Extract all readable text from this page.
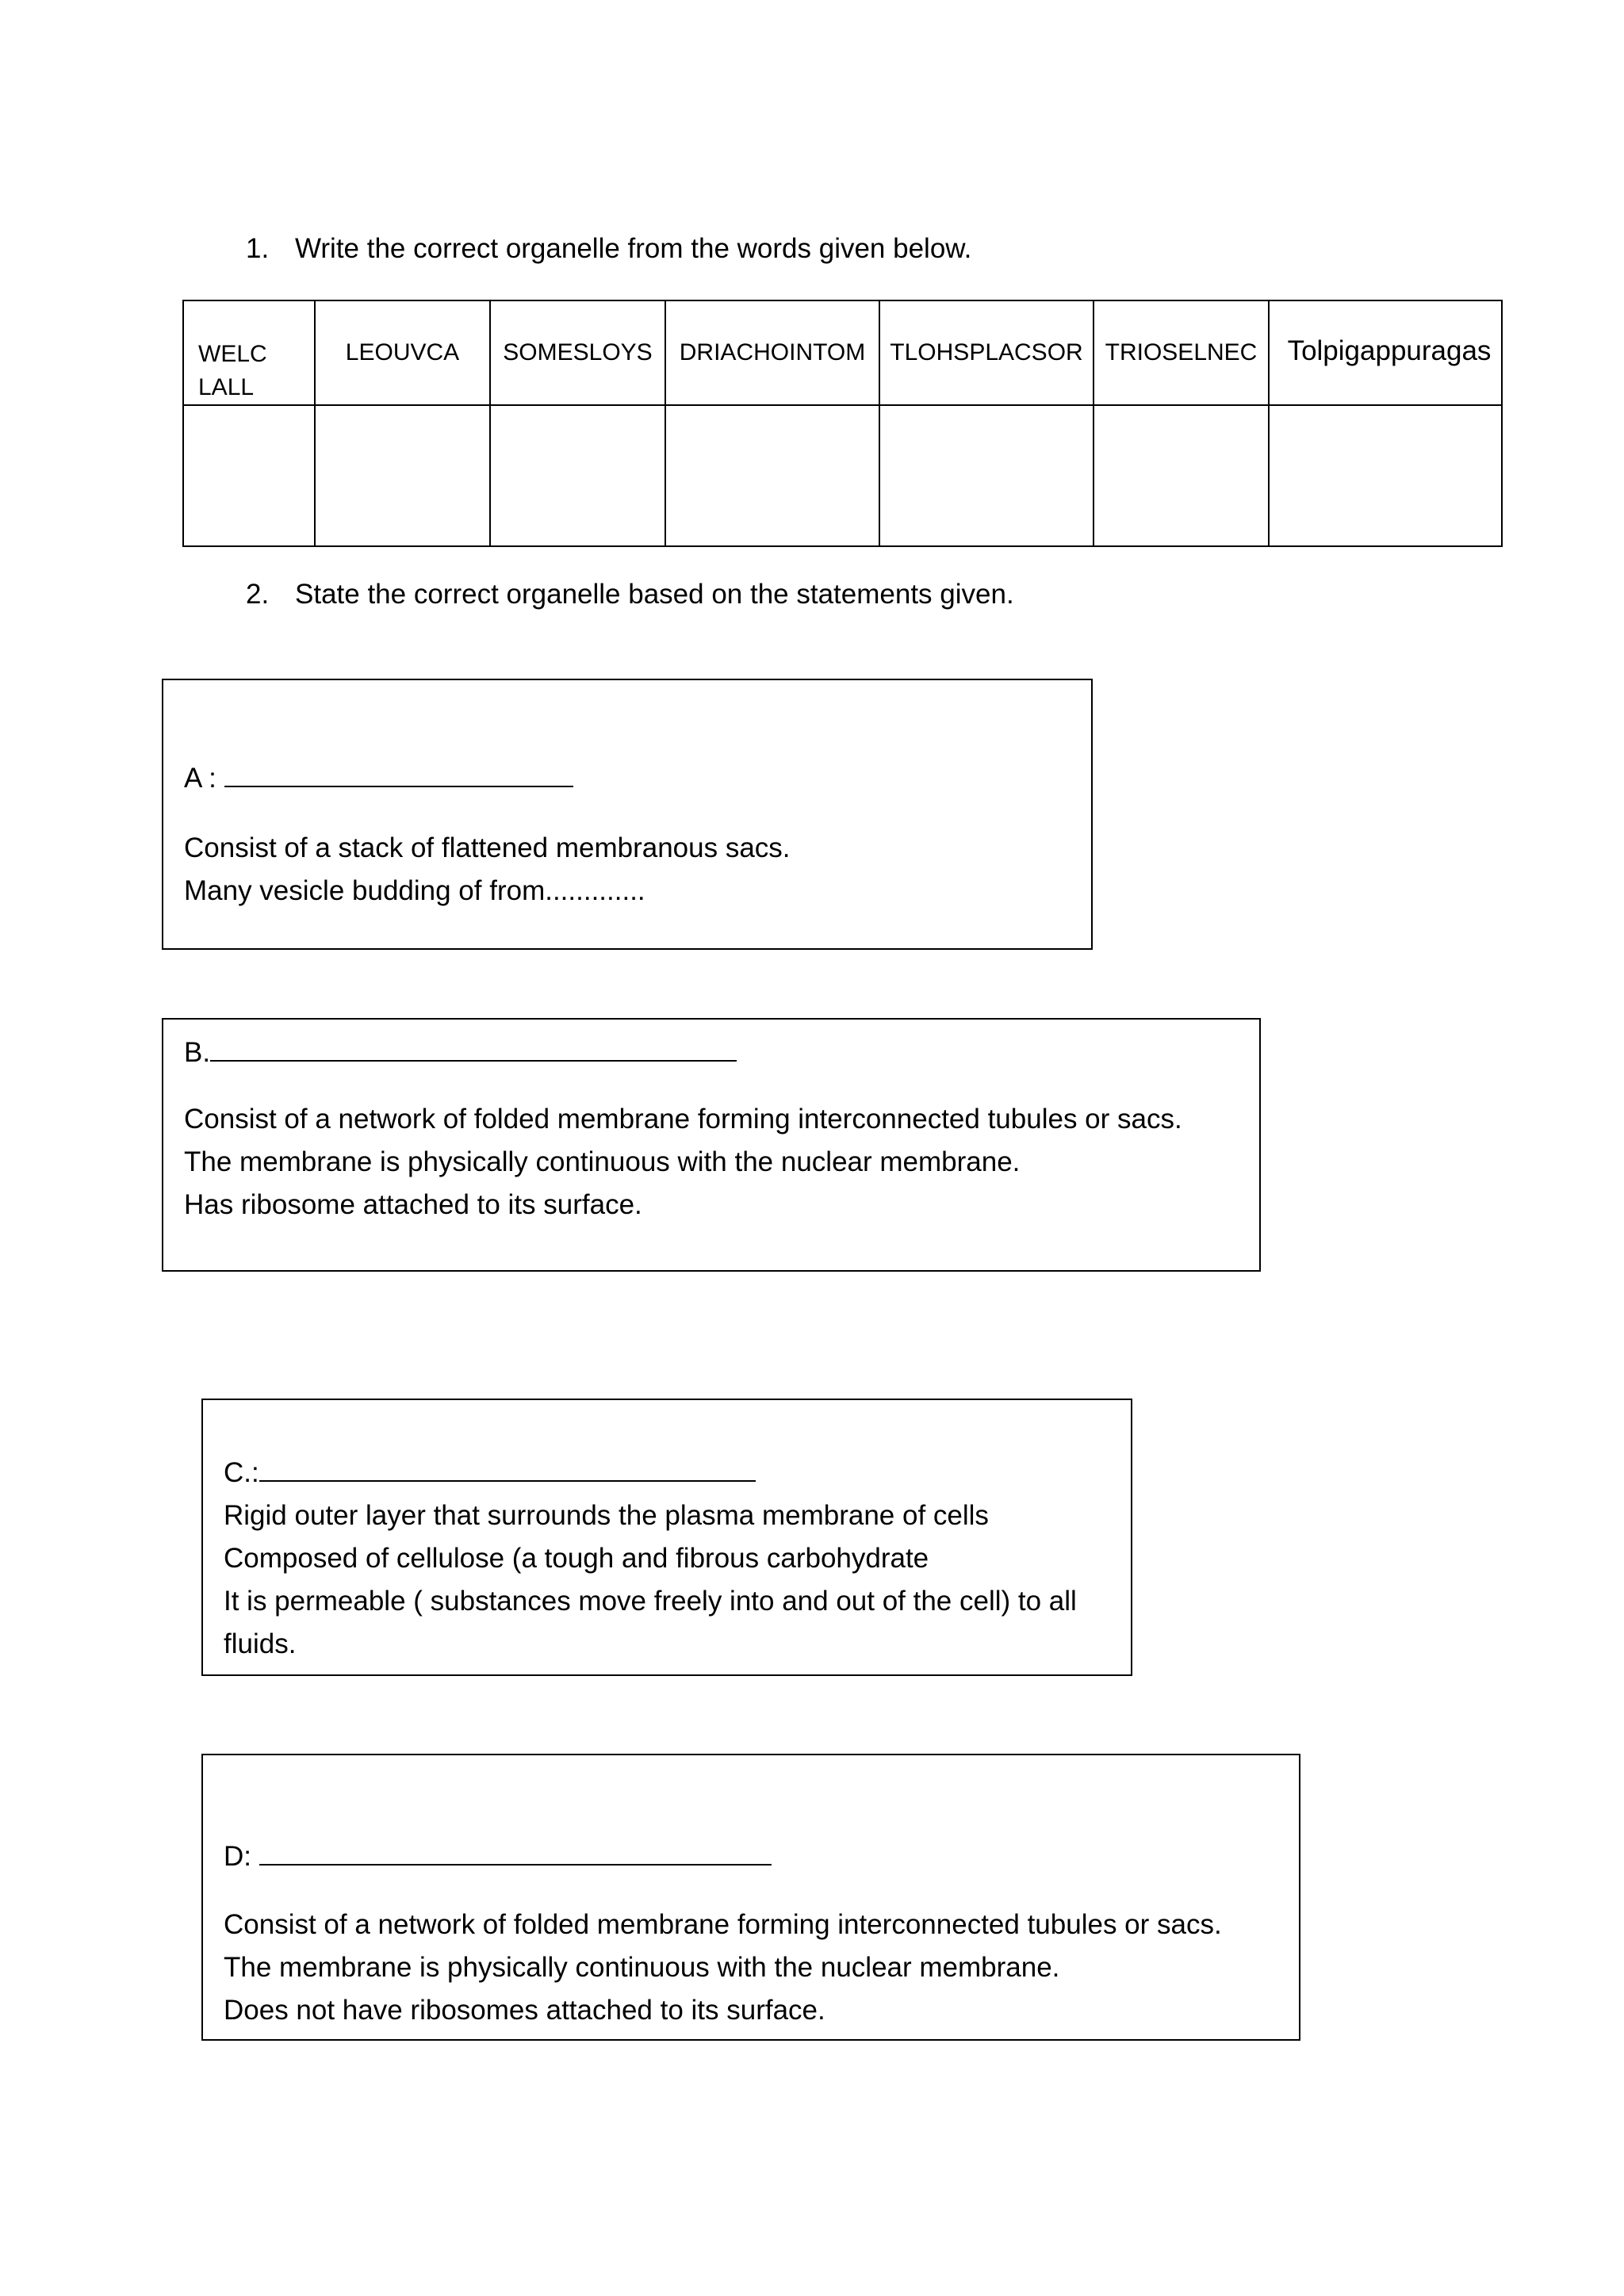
1. Write the correct organelle from the words given below.
WELC LALL	LEOUVCA	SOMESLOYS	DRIACHOINTOM	TLOHSPLACSOR	TRIOSELNEC	Tolpigappuragas

2. State the correct organelle based on the statements given.
A :
Consist of a stack of flattened membranous sacs.
Many vesicle budding of from.............
B.
Consist of a network of folded membrane forming interconnected tubules or sacs.
The membrane is physically continuous with the nuclear membrane.
Has ribosome attached to its surface.
C.:
Rigid outer layer that surrounds the plasma membrane of cells
Composed of cellulose (a tough and fibrous carbohydrate
It is permeable ( substances move freely into and out of the cell) to all
fluids.
D:
Consist of a network of folded membrane forming interconnected tubules or sacs.
The membrane is physically continuous with the nuclear membrane.
Does not have ribosomes attached to its surface.
